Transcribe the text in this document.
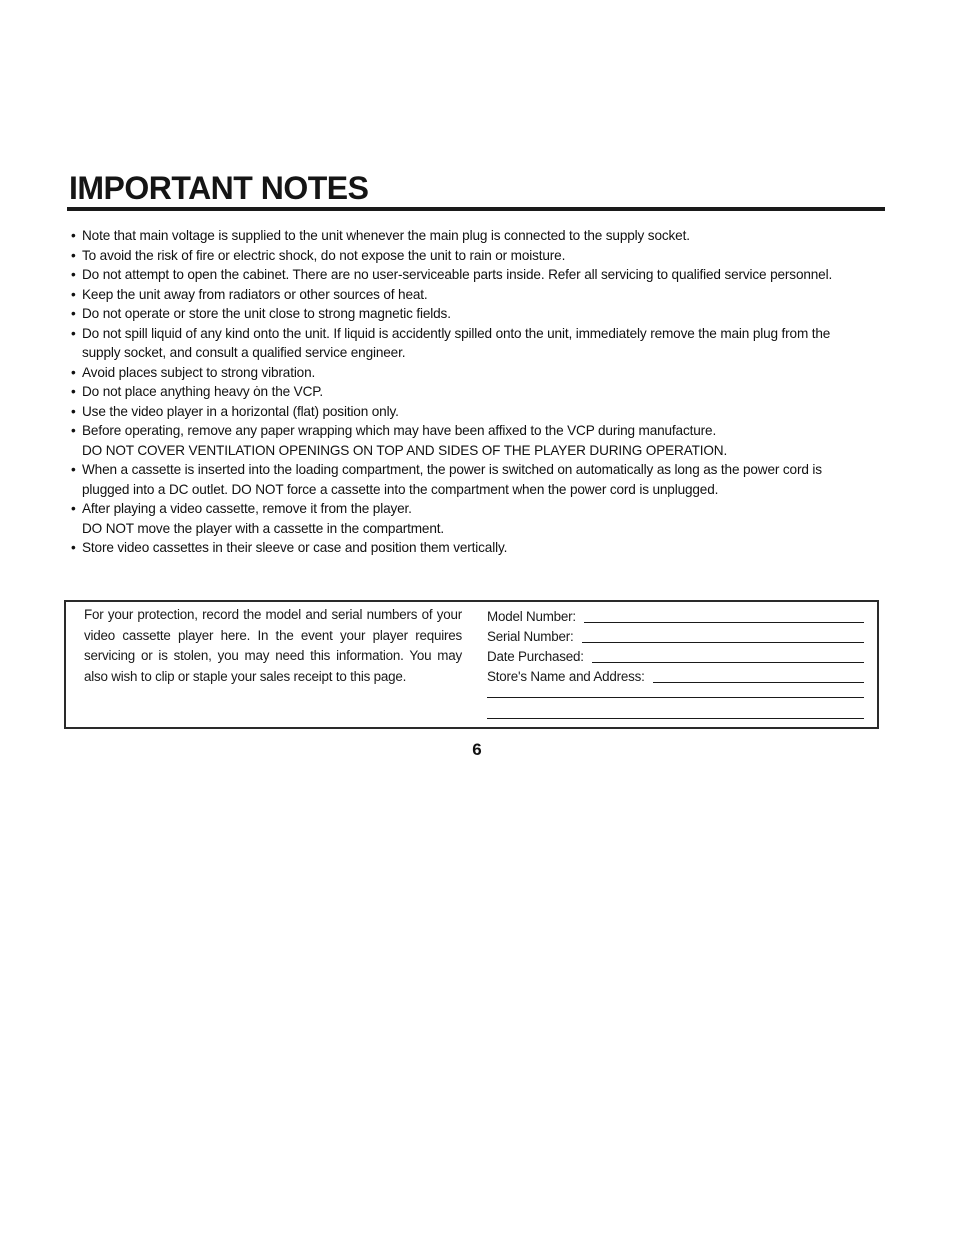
IMPORTANT NOTES
• Note that main voltage is supplied to the unit whenever the main plug is connected to the supply socket.
• To avoid the risk of fire or electric shock, do not expose the unit to rain or moisture.
• Do not attempt to open the cabinet. There are no user-serviceable parts inside. Refer all servicing to qualified service personnel.
• Keep the unit away from radiators or other sources of heat.
• Do not operate or store the unit close to strong magnetic fields.
• Do not spill liquid of any kind onto the unit. If liquid is accidently spilled onto the unit, immediately remove the main plug from the supply socket, and consult a qualified service engineer.
• Avoid places subject to strong vibration.
• Do not place anything heavy ȯn the VCP.
• Use the video player in a horizontal (flat) position only.
• Before operating, remove any paper wrapping which may have been affixed to the VCP during manufacture.
DO NOT COVER VENTILATION OPENINGS ON TOP AND SIDES OF THE PLAYER DURING OPERATION.
• When a cassette is inserted into the loading compartment, the power is switched on automatically as long as the power cord is plugged into a DC outlet. DO NOT force a cassette into the compartment when the power cord is unplugged.
• After playing a video cassette, remove it from the player.
DO NOT move the player with a cassette in the compartment.
• Store video cassettes in their sleeve or case and position them vertically.

For your protection, record the model and serial numbers of your video cassette player here. In the event your player requires servicing or is stolen, you may need this information. You may also wish to clip or staple your sales receipt to this page.

Model Number:
Serial Number:
Date Purchased:
Store's Name and Address:
6
